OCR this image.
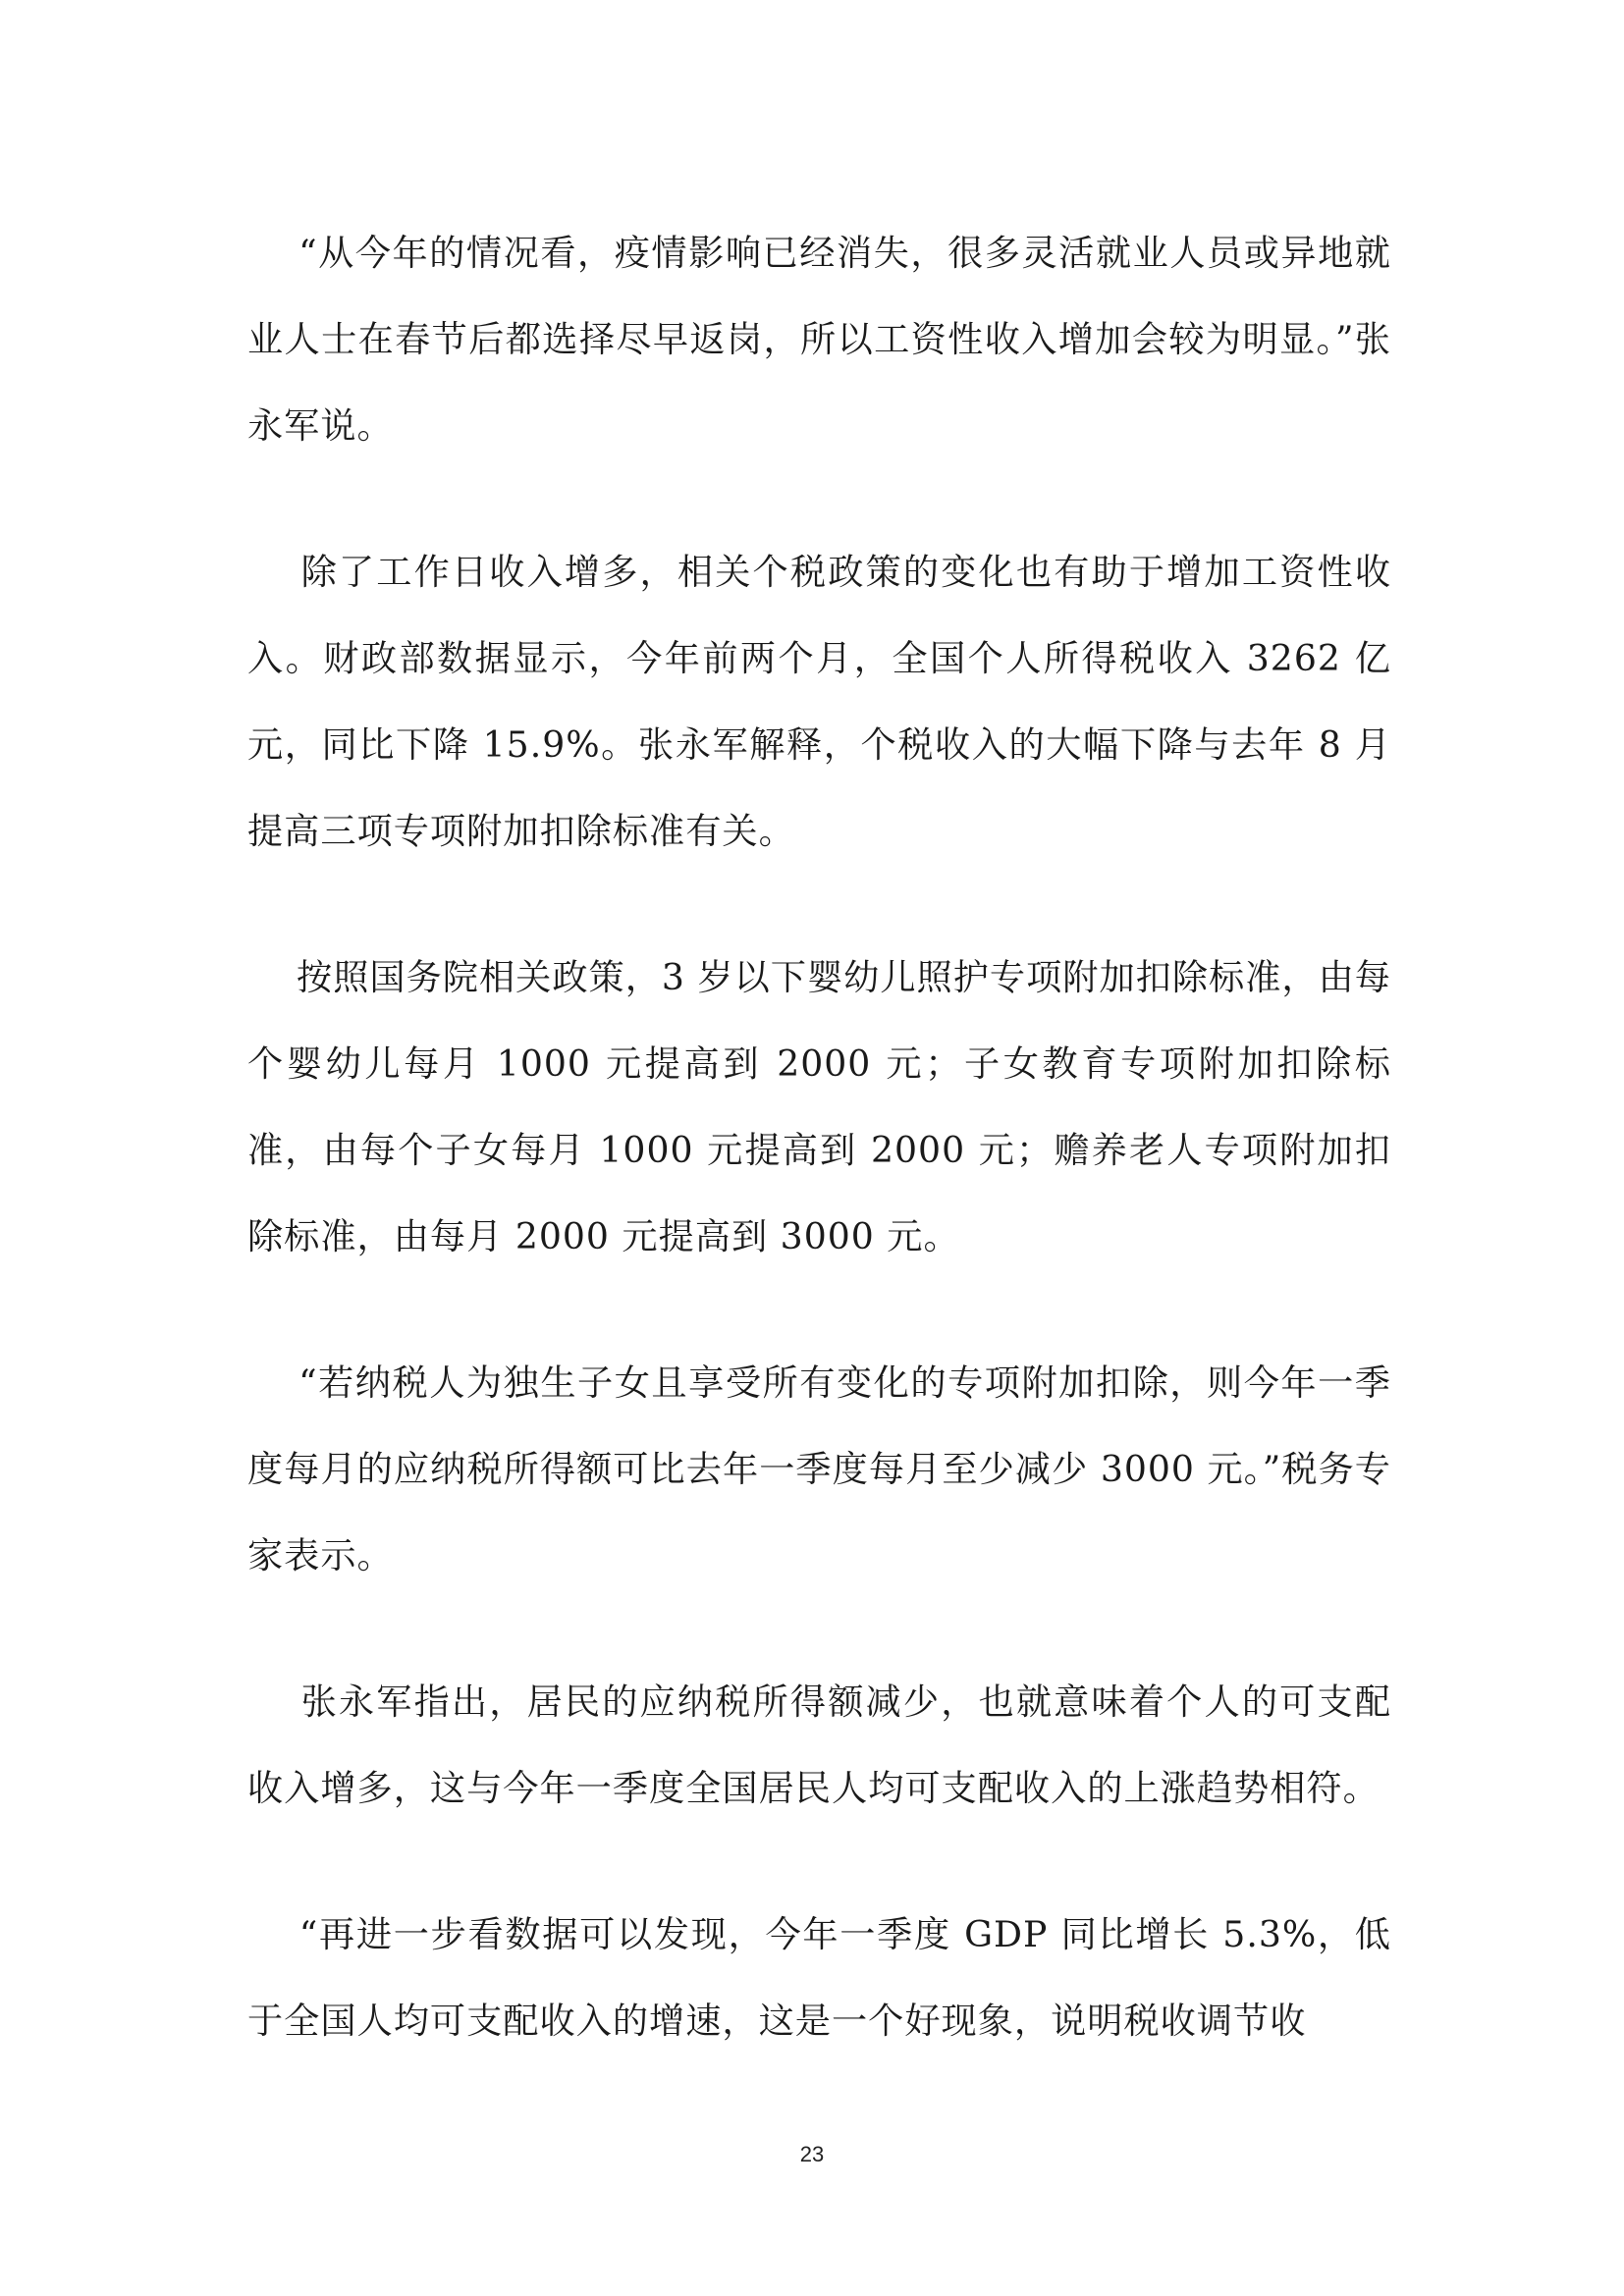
“从今年的情况看，疫情影响已经消失，很多灵活就业人员或异地就业人士在春节后都选择尽早返岗，所以工资性收入增加会较为明显。”张永军说。

除了工作日收入增多，相关个税政策的变化也有助于增加工资性收入。财政部数据显示，今年前两个月，全国个人所得税收入 3262 亿元，同比下降 15.9%。张永军解释，个税收入的大幅下降与去年 8 月提高三项专项附加扣除标准有关。

按照国务院相关政策，3 岁以下婴幼儿照护专项附加扣除标准，由每个婴幼儿每月 1000 元提高到 2000 元；子女教育专项附加扣除标准，由每个子女每月 1000 元提高到 2000 元；赡养老人专项附加扣除标准，由每月 2000 元提高到 3000 元。

“若纳税人为独生子女且享受所有变化的专项附加扣除，则今年一季度每月的应纳税所得额可比去年一季度每月至少减少 3000 元。”税务专家表示。

张永军指出，居民的应纳税所得额减少，也就意味着个人的可支配收入增多，这与今年一季度全国居民人均可支配收入的上涨趋势相符。

“再进一步看数据可以发现，今年一季度 GDP 同比增长 5.3%，低于全国人均可支配收入的增速，这是一个好现象，说明税收调节收

23
